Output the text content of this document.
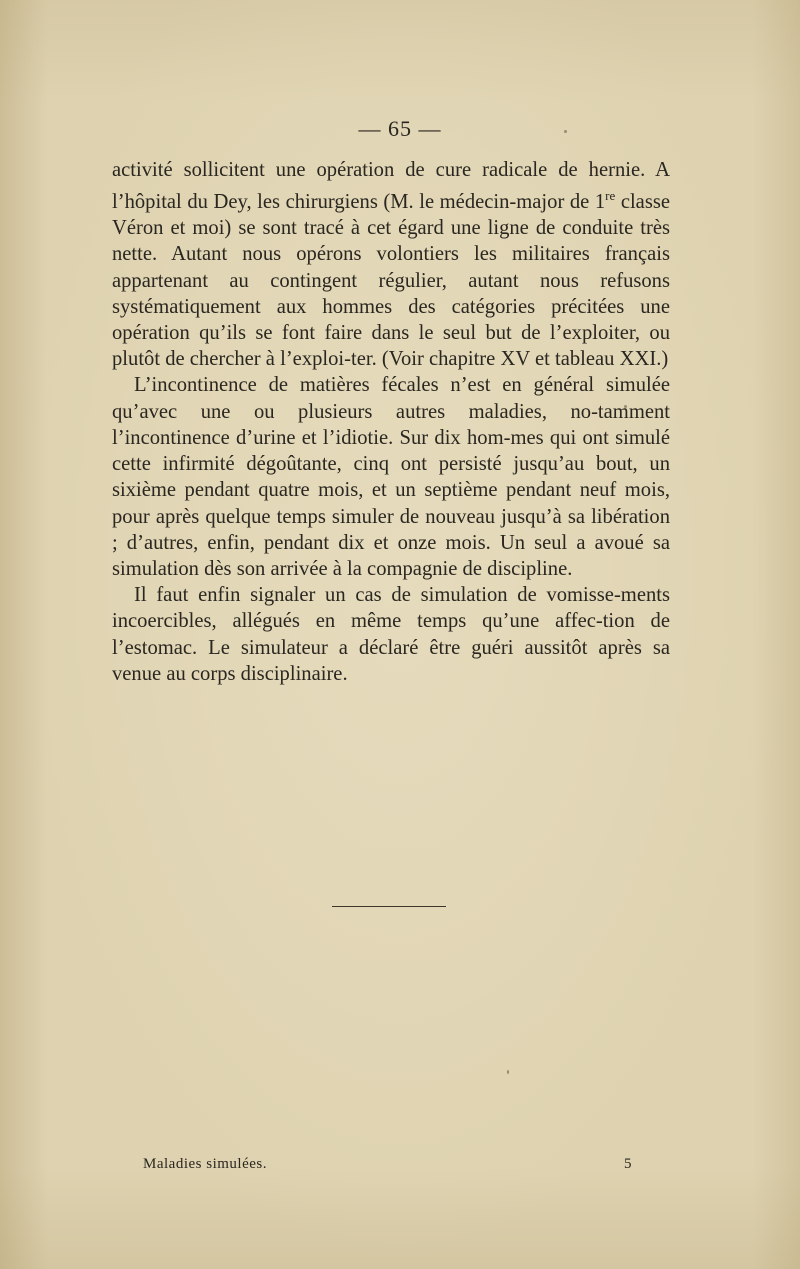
— 65 —

activité sollicitent une opération de cure radicale de hernie. A l’hôpital du Dey, les chirurgiens (M. le médecin-major de 1re classe Véron et moi) se sont tracé à cet égard une ligne de conduite très nette. Autant nous opérons volontiers les militaires français appartenant au contingent régulier, autant nous refusons systématiquement aux hommes des catégories précitées une opération qu’ils se font faire dans le seul but de l’exploiter, ou plutôt de chercher à l’exploi-ter. (Voir chapitre XV et tableau XXI.)

L’incontinence de matières fécales n’est en général simulée qu’avec une ou plusieurs autres maladies, no-tamment l’incontinence d’urine et l’idiotie. Sur dix hom-mes qui ont simulé cette infirmité dégoûtante, cinq ont persisté jusqu’au bout, un sixième pendant quatre mois, et un septième pendant neuf mois, pour après quelque temps simuler de nouveau jusqu’à sa libération ; d’autres, enfin, pendant dix et onze mois. Un seul a avoué sa simulation dès son arrivée à la compagnie de discipline.

Il faut enfin signaler un cas de simulation de vomisse-ments incoercibles, allégués en même temps qu’une affec-tion de l’estomac. Le simulateur a déclaré être guéri aussitôt après sa venue au corps disciplinaire.

Maladies simulées.	5
